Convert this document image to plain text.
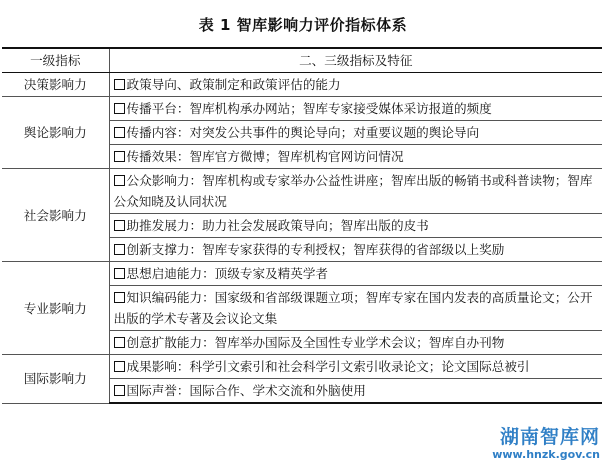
表 1 智库影响力评价指标体系
一级指标	二、三级指标及特征
决策影响力	政策导向、政策制定和政策评估的能力
舆论影响力	传播平台：智库机构承办网站；智库专家接受媒体采访报道的频度
	传播内容：对突发公共事件的舆论导向；对重要议题的舆论导向
	传播效果：智库官方微博；智库机构官网访问情况
社会影响力	公众影响力：智库机构或专家举办公益性讲座；智库出版的畅销书或科普读物；智库公众知晓及认同状况
	助推发展力：助力社会发展政策导向；智库出版的皮书
	创新支撑力：智库专家获得的专利授权；智库获得的省部级以上奖励
专业影响力	思想启迪能力：顶级专家及精英学者
	知识编码能力：国家级和省部级课题立项；智库专家在国内发表的高质量论文；公开出版的学术专著及会议论文集
	创意扩散能力：智库举办国际及全国性专业学术会议；智库自办刊物
国际影响力	成果影响：科学引文索引和社会科学引文索引收录论文；论文国际总被引
	国际声誉：国际合作、学术交流和外脑使用
湖南智库网
www.hnzk.gov.cn
